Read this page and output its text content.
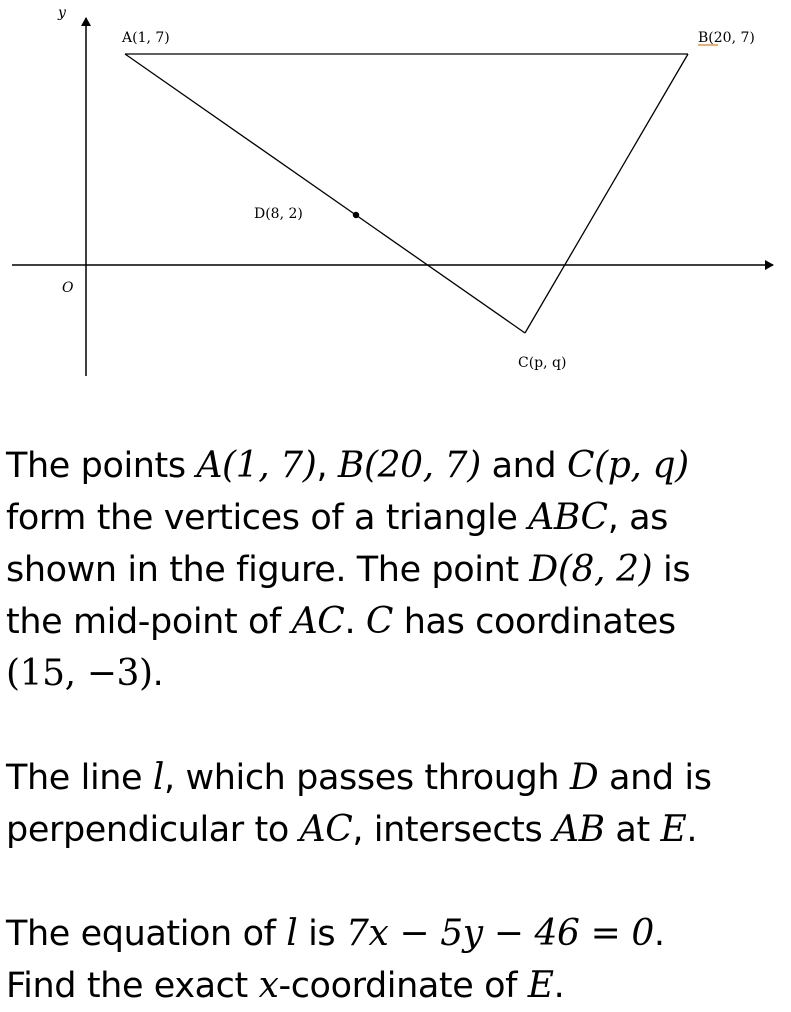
y
O
A(1, 7)	B(20, 7)
D(8, 2)
C(p, q)
The points A(1, 7), B(20, 7) and C(p, q)
form the vertices of a triangle ABC, as
shown in the figure. The point D(8, 2) is
the mid-point of AC. C has coordinates
(15, −3).
The line l, which passes through D and is
perpendicular to AC, intersects AB at E.
The equation of l is 7x − 5y − 46 = 0.
Find the exact x-coordinate of E.
